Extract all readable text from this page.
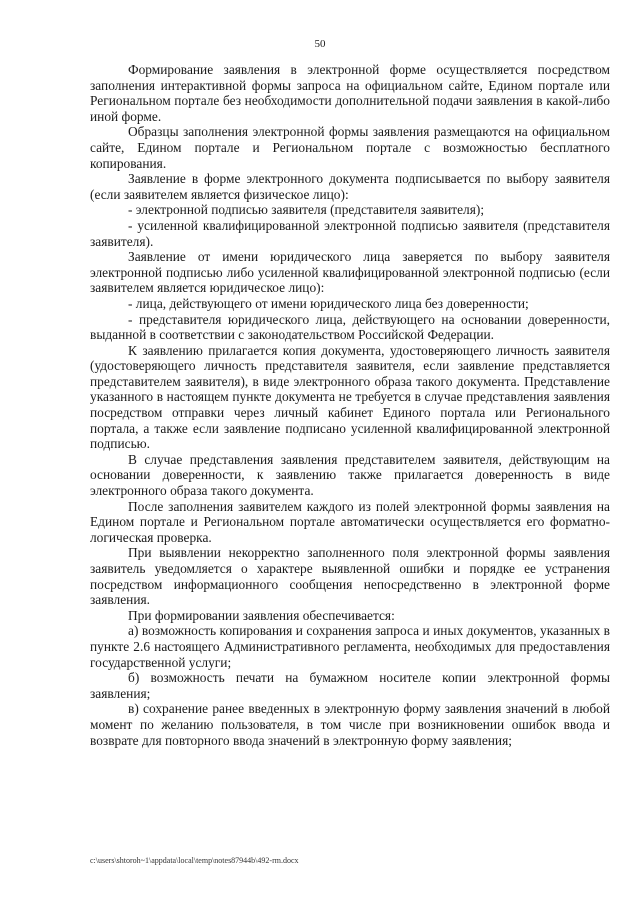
50

Формирование заявления в электронной форме осуществляется посредством заполнения интерактивной формы запроса на официальном сайте, Едином портале или Региональном портале без необходимости дополнительной подачи заявления в какой-либо иной форме.

Образцы заполнения электронной формы заявления размещаются на официальном сайте, Едином портале и Региональном портале с возможностью бесплатного копирования.

Заявление в форме электронного документа подписывается по выбору заявителя (если заявителем является физическое лицо):

- электронной подписью заявителя (представителя заявителя);

- усиленной квалифицированной электронной подписью заявителя (представителя заявителя).

Заявление от имени юридического лица заверяется по выбору заявителя электронной подписью либо усиленной квалифицированной электронной подписью (если заявителем является юридическое лицо):

- лица, действующего от имени юридического лица без доверенности;

- представителя юридического лица, действующего на основании доверенности, выданной в соответствии с законодательством Российской Федерации.

К заявлению прилагается копия документа, удостоверяющего личность заявителя (удостоверяющего личность представителя заявителя, если заявление представляется представителем заявителя), в виде электронного образа такого документа. Представление указанного в настоящем пункте документа не требуется в случае представления заявления посредством отправки через личный кабинет Единого портала или Регионального портала, а также если заявление подписано усиленной квалифицированной электронной подписью.

В случае представления заявления представителем заявителя, действующим на основании доверенности, к заявлению также прилагается доверенность в виде электронного образа такого документа.

После заполнения заявителем каждого из полей электронной формы заявления на Едином портале и Региональном портале автоматически осуществляется его форматно-логическая проверка.

При выявлении некорректно заполненного поля электронной формы заявления заявитель уведомляется о характере выявленной ошибки и порядке ее устранения посредством информационного сообщения непосредственно в электронной форме заявления.

При формировании заявления обеспечивается:

а) возможность копирования и сохранения запроса и иных документов, указанных в пункте 2.6 настоящего Административного регламента, необходимых для предоставления государственной услуги;

б) возможность печати на бумажном носителе копии электронной формы заявления;

в) сохранение ранее введенных в электронную форму заявления значений в любой момент по желанию пользователя, в том числе при возникновении ошибок ввода и возврате для повторного ввода значений в электронную форму заявления;

c:\users\shtoroh~1\appdata\local\temp\notes87944b\492-rm.docx
